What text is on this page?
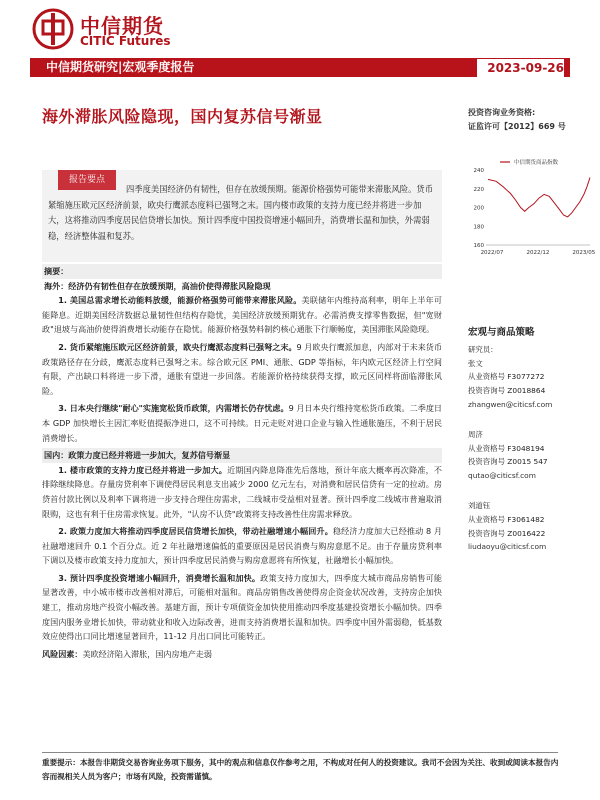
中信期货
CITIC Futures
中信期货研究|宏观季度报告	2023-09-26
海外滞胀风险隐现，国内复苏信号渐显	投资咨询业务资格:
证监许可【2012】669 号
报告要点
四季度美国经济仍有韧性，但存在放缓预期。能源价格强势可能带来滞胀风险。货币紧缩施压欧元区经济前景，欧央行鹰派态度料已强弩之末。国内楼市政策的支持力度已经并将进一步加大，这将推动四季度居民信贷增长加快。预计四季度中国投资增速小幅回升，消费增长温和加快，外需弱稳，经济整体温和复苏。
中信期货商品指数
160
180
200
220
240
2022/07	2022/12	2023/05
摘要：
海外：经济仍有韧性但存在放缓预期，高油价使得滞胀风险隐现
1. 美国总需求增长动能料放缓，能源价格强势可能带来滞胀风险。美联储年内维持高利率，明年上半年可能降息。近期美国经济数据总量韧性但结构存隐忧，美国经济放缓预期犹存。必需消费支撑零售数据，但"宽财政"退坡与高油价使得消费增长动能存在隐忧。能源价格强势料制约核心通胀下行顺畅度，美国滞胀风险隐现。
2. 货币紧缩施压欧元区经济前景，欧央行鹰派态度料已强弩之末。9 月欧央行鹰派加息，内部对于未来货币政策路径存在分歧，鹰派态度料已强弩之末。综合欧元区 PMI、通胀、GDP 等指标，年内欧元区经济上行空间有限，产出缺口料将进一步下滑，通胀有望进一步回落。若能源价格持续获得支撑，欧元区同样将面临滞胀风险。
3. 日本央行继续"耐心"实施宽松货币政策，内需增长仍存忧虑。9 月日本央行维持宽松货币政策。二季度日本 GDP 加快增长主因汇率贬值提振净进口，这不可持续。日元走贬对进口企业与输入性通胀施压，不利于居民消费增长。
国内：政策力度已经并将进一步加大，复苏信号渐显
1. 楼市政策的支持力度已经并将进一步加大。近期国内降息降准先后落地，预计年底大概率再次降准，不排除继续降息。存量房贷利率下调使得居民利息支出减少 2000 亿元左右，对消费和居民信贷有一定的拉动。房贷首付款比例以及利率下调将进一步支持合理住房需求，二线城市受益相对显著。预计四季度二线城市普遍取消限购，这也有利于住房需求恢复。此外，"认房不认贷"政策将支持改善性住房需求释放。
2. 政策力度加大将推动四季度居民信贷增长加快，带动社融增速小幅回升。稳经济力度加大已经推动 8 月社融增速回升 0.1 个百分点。近 2 年社融增速偏低的重要原因是居民消费与购房意愿不足。由于存量房贷利率下调以及楼市政策支持力度加大，预计四季度居民消费与购房意愿将有所恢复，社融增长小幅加快。
3. 预计四季度投资增速小幅回升，消费增长温和加快。政策支持力度加大，四季度大城市商品房销售可能显著改善，中小城市楼市改善相对滞后，可能相对温和。商品房销售改善使得房企资金状况改善，支持房企加快建工，推动房地产投资小幅改善。基建方面，预计专项债资金加快使用推动四季度基建投资增长小幅加快。四季度国内服务业增长加快，带动就业和收入边际改善，进而支持消费增长温和加快。四季度中国外需弱稳，低基数效应使得出口同比增速显著回升，11-12 月出口同比可能转正。
风险因素：美欧经济陷入滞胀，国内房地产走弱
宏观与商品策略
研究员：
张文
从业资格号 F3077272
投资咨询号 Z0018864
zhangwen@citicsf.com
周济
从业资格号 F3048194
投资咨询号 Z0015 547
qutao@citicsf.com
刘道钰
从业资格号 F3061482
投资咨询号 Z0016422
liudaoyu@citicsf.com
重要提示：本报告非期货交易咨询业务项下服务，其中的观点和信息仅作参考之用，不构成对任何人的投资建议。我司不会因为关注、收到或阅读本报告内容而视相关人员为客户；市场有风险，投资需谨慎。
